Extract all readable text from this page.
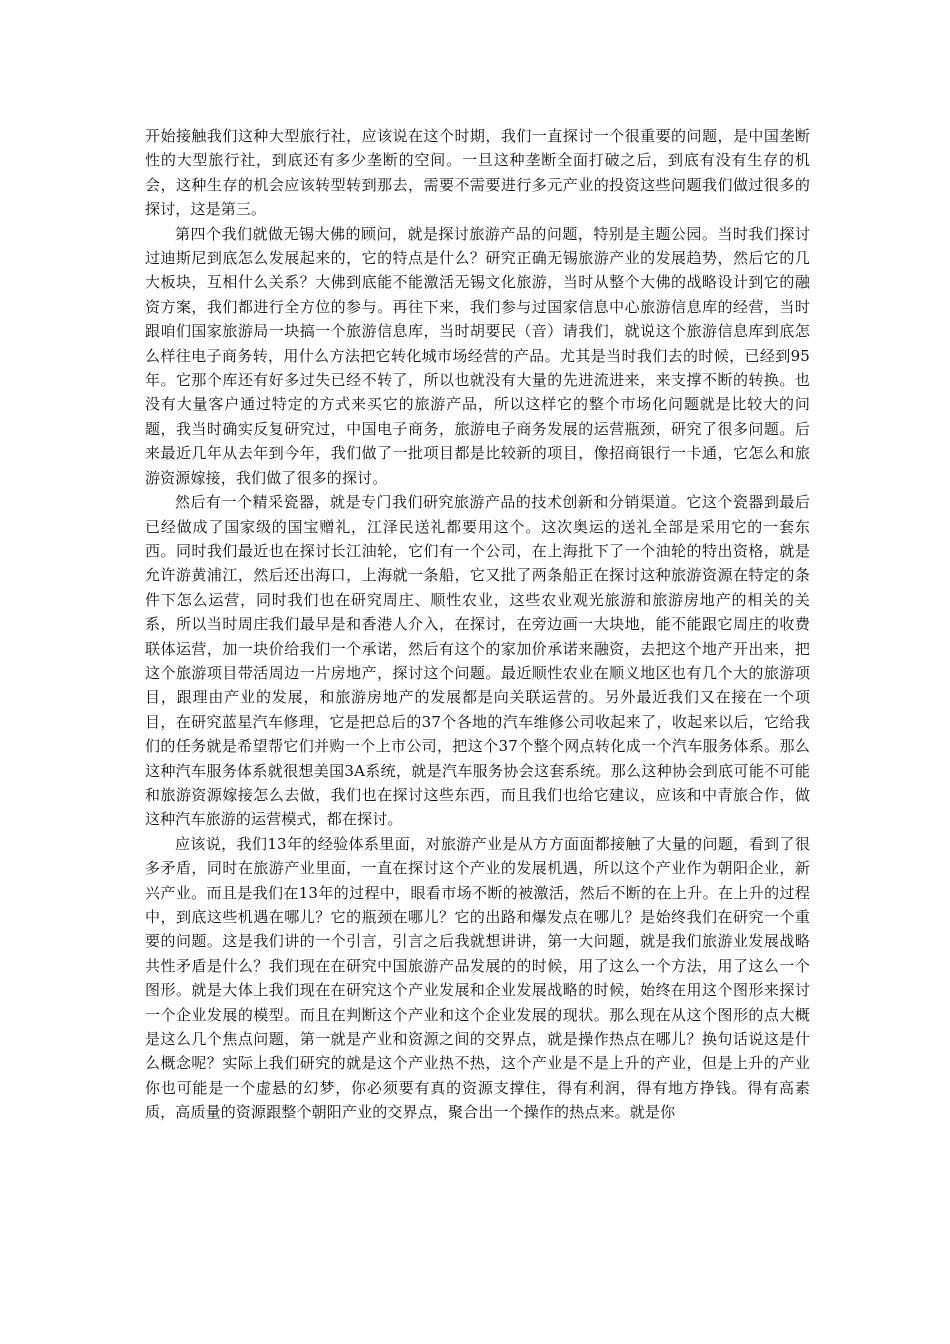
开始接触我们这种大型旅行社，应该说在这个时期，我们一直探讨一个很重要的问题，是中国垄断性的大型旅行社，到底还有多少垄断的空间。一旦这种垄断全面打破之后，到底有没有生存的机会，这种生存的机会应该转型转到那去，需要不需要进行多元产业的投资这些问题我们做过很多的探讨，这是第三。

第四个我们就做无锡大佛的顾问，就是探讨旅游产品的问题，特别是主题公园。当时我们探讨过迪斯尼到底怎么发展起来的，它的特点是什么？研究正确无锡旅游产业的发展趋势，然后它的几大板块，互相什么关系？大佛到底能不能激活无锡文化旅游，当时从整个大佛的战略设计到它的融资方案，我们都进行全方位的参与。再往下来，我们参与过国家信息中心旅游信息库的经营，当时跟咱们国家旅游局一块搞一个旅游信息库，当时胡要民（音）请我们，就说这个旅游信息库到底怎么样往电子商务转，用什么方法把它转化城市场经营的产品。尤其是当时我们去的时候，已经到95年。它那个库还有好多过失已经不转了，所以也就没有大量的先进流进来，来支撑不断的转换。也没有大量客户通过特定的方式来买它的旅游产品，所以这样它的整个市场化问题就是比较大的问题，我当时确实反复研究过，中国电子商务，旅游电子商务发展的运营瓶颈，研究了很多问题。后来最近几年从去年到今年，我们做了一批项目都是比较新的项目，像招商银行一卡通，它怎么和旅游资源嫁接，我们做了很多的探讨。

然后有一个精采瓷器，就是专门我们研究旅游产品的技术创新和分销渠道。它这个瓷器到最后已经做成了国家级的国宝赠礼，江泽民送礼都要用这个。这次奥运的送礼全部是采用它的一套东西。同时我们最近也在探讨长江油轮，它们有一个公司，在上海批下了一个油轮的特出资格，就是允许游黄浦江，然后还出海口，上海就一条船，它又批了两条船正在探讨这种旅游资源在特定的条件下怎么运营，同时我们也在研究周庄、顺性农业，这些农业观光旅游和旅游房地产的相关的关系，所以当时周庄我们最早是和香港人介入，在探讨，在旁边画一大块地，能不能跟它周庄的收费联体运营，加一块价给我们一个承诺，然后有这个的家加价承诺来融资，去把这个地产开出来，把这个旅游项目带活周边一片房地产，探讨这个问题。最近顺性农业在顺义地区也有几个大的旅游项目，跟理由产业的发展，和旅游房地产的发展都是向关联运营的。另外最近我们又在接在一个项目，在研究蓝星汽车修理，它是把总后的37个各地的汽车维修公司收起来了，收起来以后，它给我们的任务就是希望帮它们并购一个上市公司，把这个37个整个网点转化成一个汽车服务体系。那么这种汽车服务体系就很想美国3A系统，就是汽车服务协会这套系统。那么这种协会到底可能不可能和旅游资源嫁接怎么去做，我们也在探讨这些东西，而且我们也给它建议，应该和中青旅合作，做这种汽车旅游的运营模式，都在探讨。

应该说，我们13年的经验体系里面，对旅游产业是从方方面面都接触了大量的问题，看到了很多矛盾，同时在旅游产业里面，一直在探讨这个产业的发展机遇，所以这个产业作为朝阳企业，新兴产业。而且是我们在13年的过程中，眼看市场不断的被激活，然后不断的在上升。在上升的过程中，到底这些机遇在哪儿？它的瓶颈在哪儿？它的出路和爆发点在哪儿？是始终我们在研究一个重要的问题。这是我们讲的一个引言，引言之后我就想讲讲，第一大问题，就是我们旅游业发展战略共性矛盾是什么？我们现在在研究中国旅游产品发展的的时候，用了这么一个方法，用了这么一个图形。就是大体上我们现在在研究这个产业发展和企业发展战略的时候，始终在用这个图形来探讨一个企业发展的模型。而且在判断这个产业和这个企业发展的现状。那么现在从这个图形的点大概是这么几个焦点问题，第一就是产业和资源之间的交界点，就是操作热点在哪儿？换句话说这是什么概念呢？实际上我们研究的就是这个产业热不热，这个产业是不是上升的产业，但是上升的产业你也可能是一个虚悬的幻梦，你必须要有真的资源支撑住，得有利润，得有地方挣钱。得有高素质，高质量的资源跟整个朝阳产业的交界点，聚合出一个操作的热点来。就是你
